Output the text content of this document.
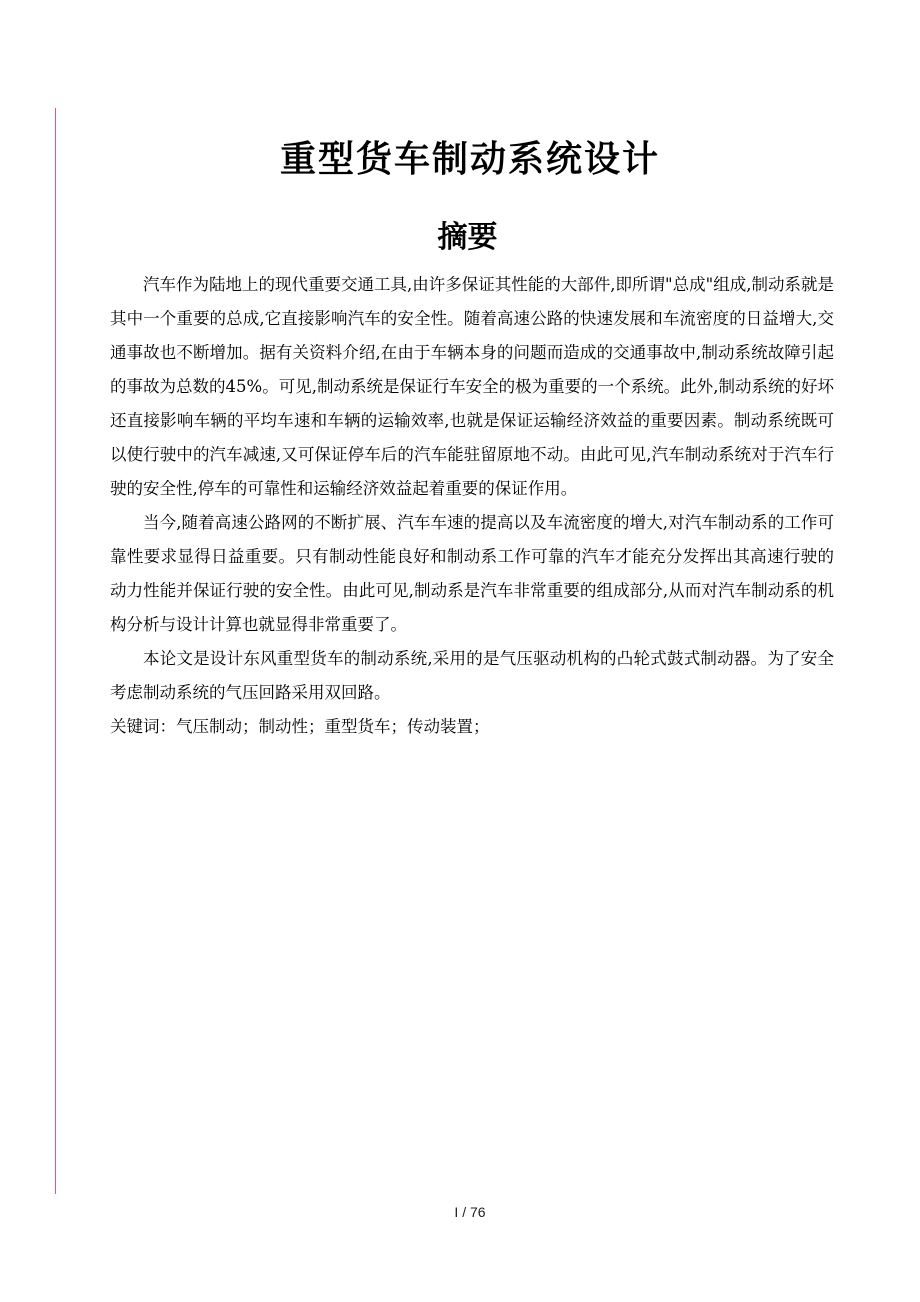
重型货车制动系统设计
摘要

汽车作为陆地上的现代重要交通工具,由许多保证其性能的大部件,即所谓"总成"组成,制动系就是其中一个重要的总成,它直接影响汽车的安全性。随着高速公路的快速发展和车流密度的日益增大,交通事故也不断增加。据有关资料介绍,在由于车辆本身的问题而造成的交通事故中,制动系统故障引起的事故为总数的45%。可见,制动系统是保证行车安全的极为重要的一个系统。此外,制动系统的好坏还直接影响车辆的平均车速和车辆的运输效率,也就是保证运输经济效益的重要因素。制动系统既可以使行驶中的汽车减速,又可保证停车后的汽车能驻留原地不动。由此可见,汽车制动系统对于汽车行驶的安全性,停车的可靠性和运输经济效益起着重要的保证作用。

当今,随着高速公路网的不断扩展、汽车车速的提高以及车流密度的增大,对汽车制动系的工作可靠性要求显得日益重要。只有制动性能良好和制动系工作可靠的汽车才能充分发挥出其高速行驶的动力性能并保证行驶的安全性。由此可见,制动系是汽车非常重要的组成部分,从而对汽车制动系的机构分析与设计计算也就显得非常重要了。

本论文是设计东风重型货车的制动系统,采用的是气压驱动机构的凸轮式鼓式制动器。为了安全考虑制动系统的气压回路采用双回路。

关键词：气压制动；制动性；重型货车；传动装置；

I / 76
